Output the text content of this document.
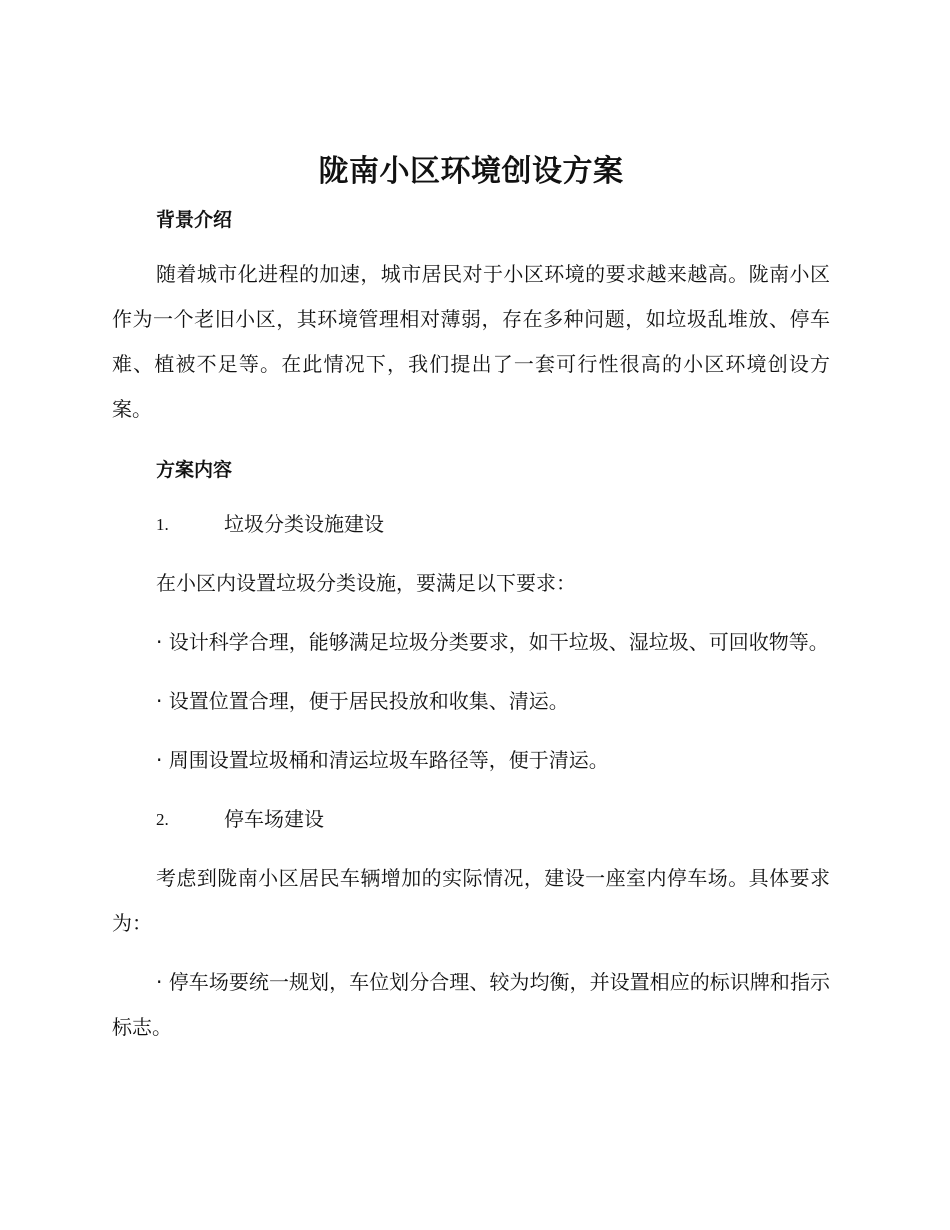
陇南小区环境创设方案

背景介绍

随着城市化进程的加速，城市居民对于小区环境的要求越来越高。陇南小区作为一个老旧小区，其环境管理相对薄弱，存在多种问题，如垃圾乱堆放、停车难、植被不足等。在此情况下，我们提出了一套可行性很高的小区环境创设方案。

方案内容

1.	垃圾分类设施建设

在小区内设置垃圾分类设施，要满足以下要求：

· 设计科学合理，能够满足垃圾分类要求，如干垃圾、湿垃圾、可回收物等。

· 设置位置合理，便于居民投放和收集、清运。

· 周围设置垃圾桶和清运垃圾车路径等，便于清运。

2.	停车场建设

考虑到陇南小区居民车辆增加的实际情况，建设一座室内停车场。具体要求为：

· 停车场要统一规划，车位划分合理、较为均衡，并设置相应的标识牌和指示标志。
